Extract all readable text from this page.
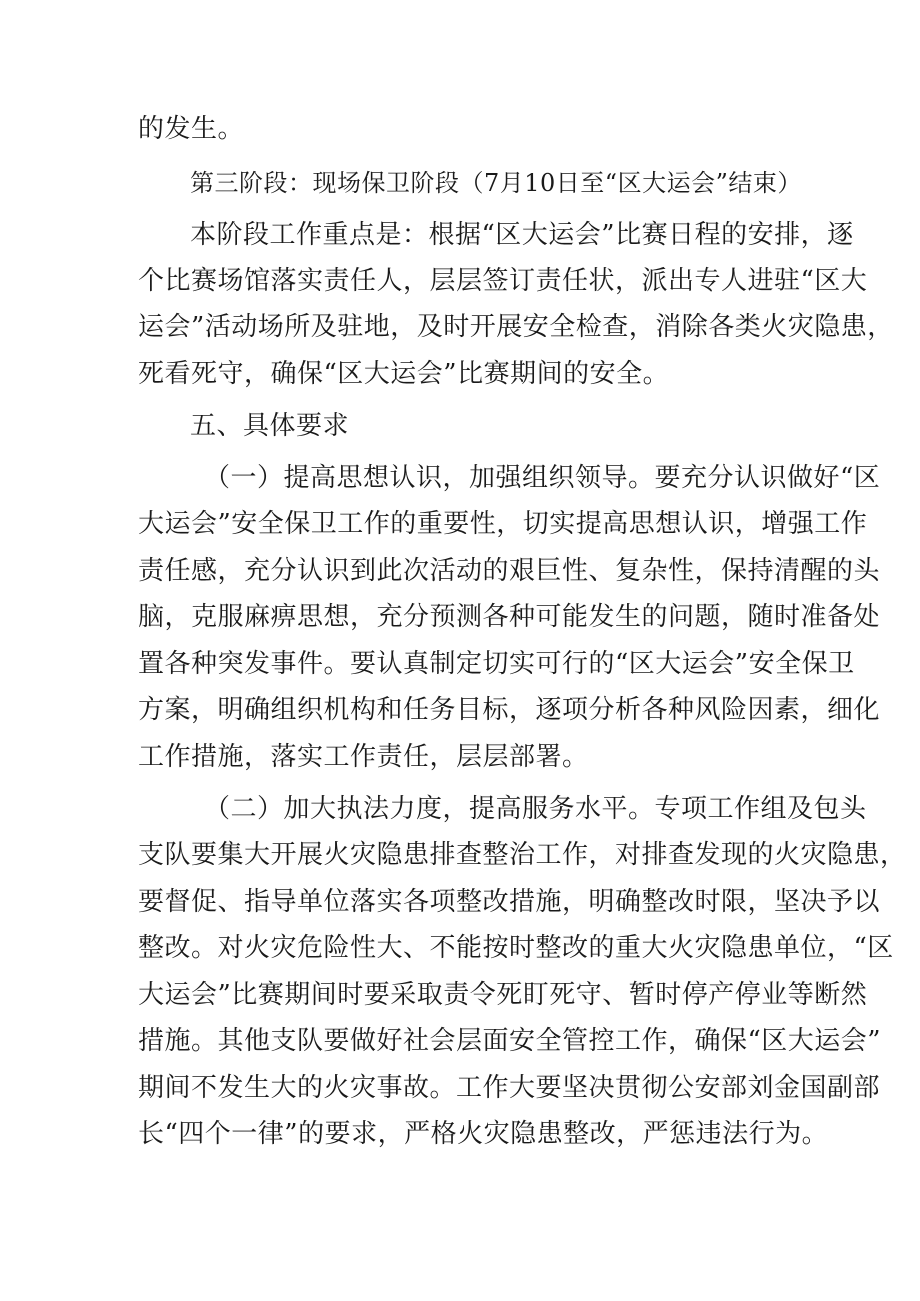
的发生。
第三阶段：现场保卫阶段（7月10日至“区大运会”结束）
本阶段工作重点是：根据“区大运会”比赛日程的安排，逐
个比赛场馆落实责任人，层层签订责任状，派出专人进驻“区大
运会”活动场所及驻地，及时开展安全检查，消除各类火灾隐患，
死看死守，确保“区大运会”比赛期间的安全。
五、具体要求
（一）提高思想认识，加强组织领导。要充分认识做好“区
大运会”安全保卫工作的重要性，切实提高思想认识，增强工作
责任感，充分认识到此次活动的艰巨性、复杂性，保持清醒的头
脑，克服麻痹思想，充分预测各种可能发生的问题，随时准备处
置各种突发事件。要认真制定切实可行的“区大运会”安全保卫
方案，明确组织机构和任务目标，逐项分析各种风险因素，细化
工作措施，落实工作责任，层层部署。
（二）加大执法力度，提高服务水平。专项工作组及包头
支队要集大开展火灾隐患排查整治工作，对排查发现的火灾隐患，
要督促、指导单位落实各项整改措施，明确整改时限，坚决予以
整改。对火灾危险性大、不能按时整改的重大火灾隐患单位，“区
大运会”比赛期间时要采取责令死盯死守、暂时停产停业等断然
措施。其他支队要做好社会层面安全管控工作，确保“区大运会”
期间不发生大的火灾事故。工作大要坚决贯彻公安部刘金国副部
长“四个一律”的要求，严格火灾隐患整改，严惩违法行为。
